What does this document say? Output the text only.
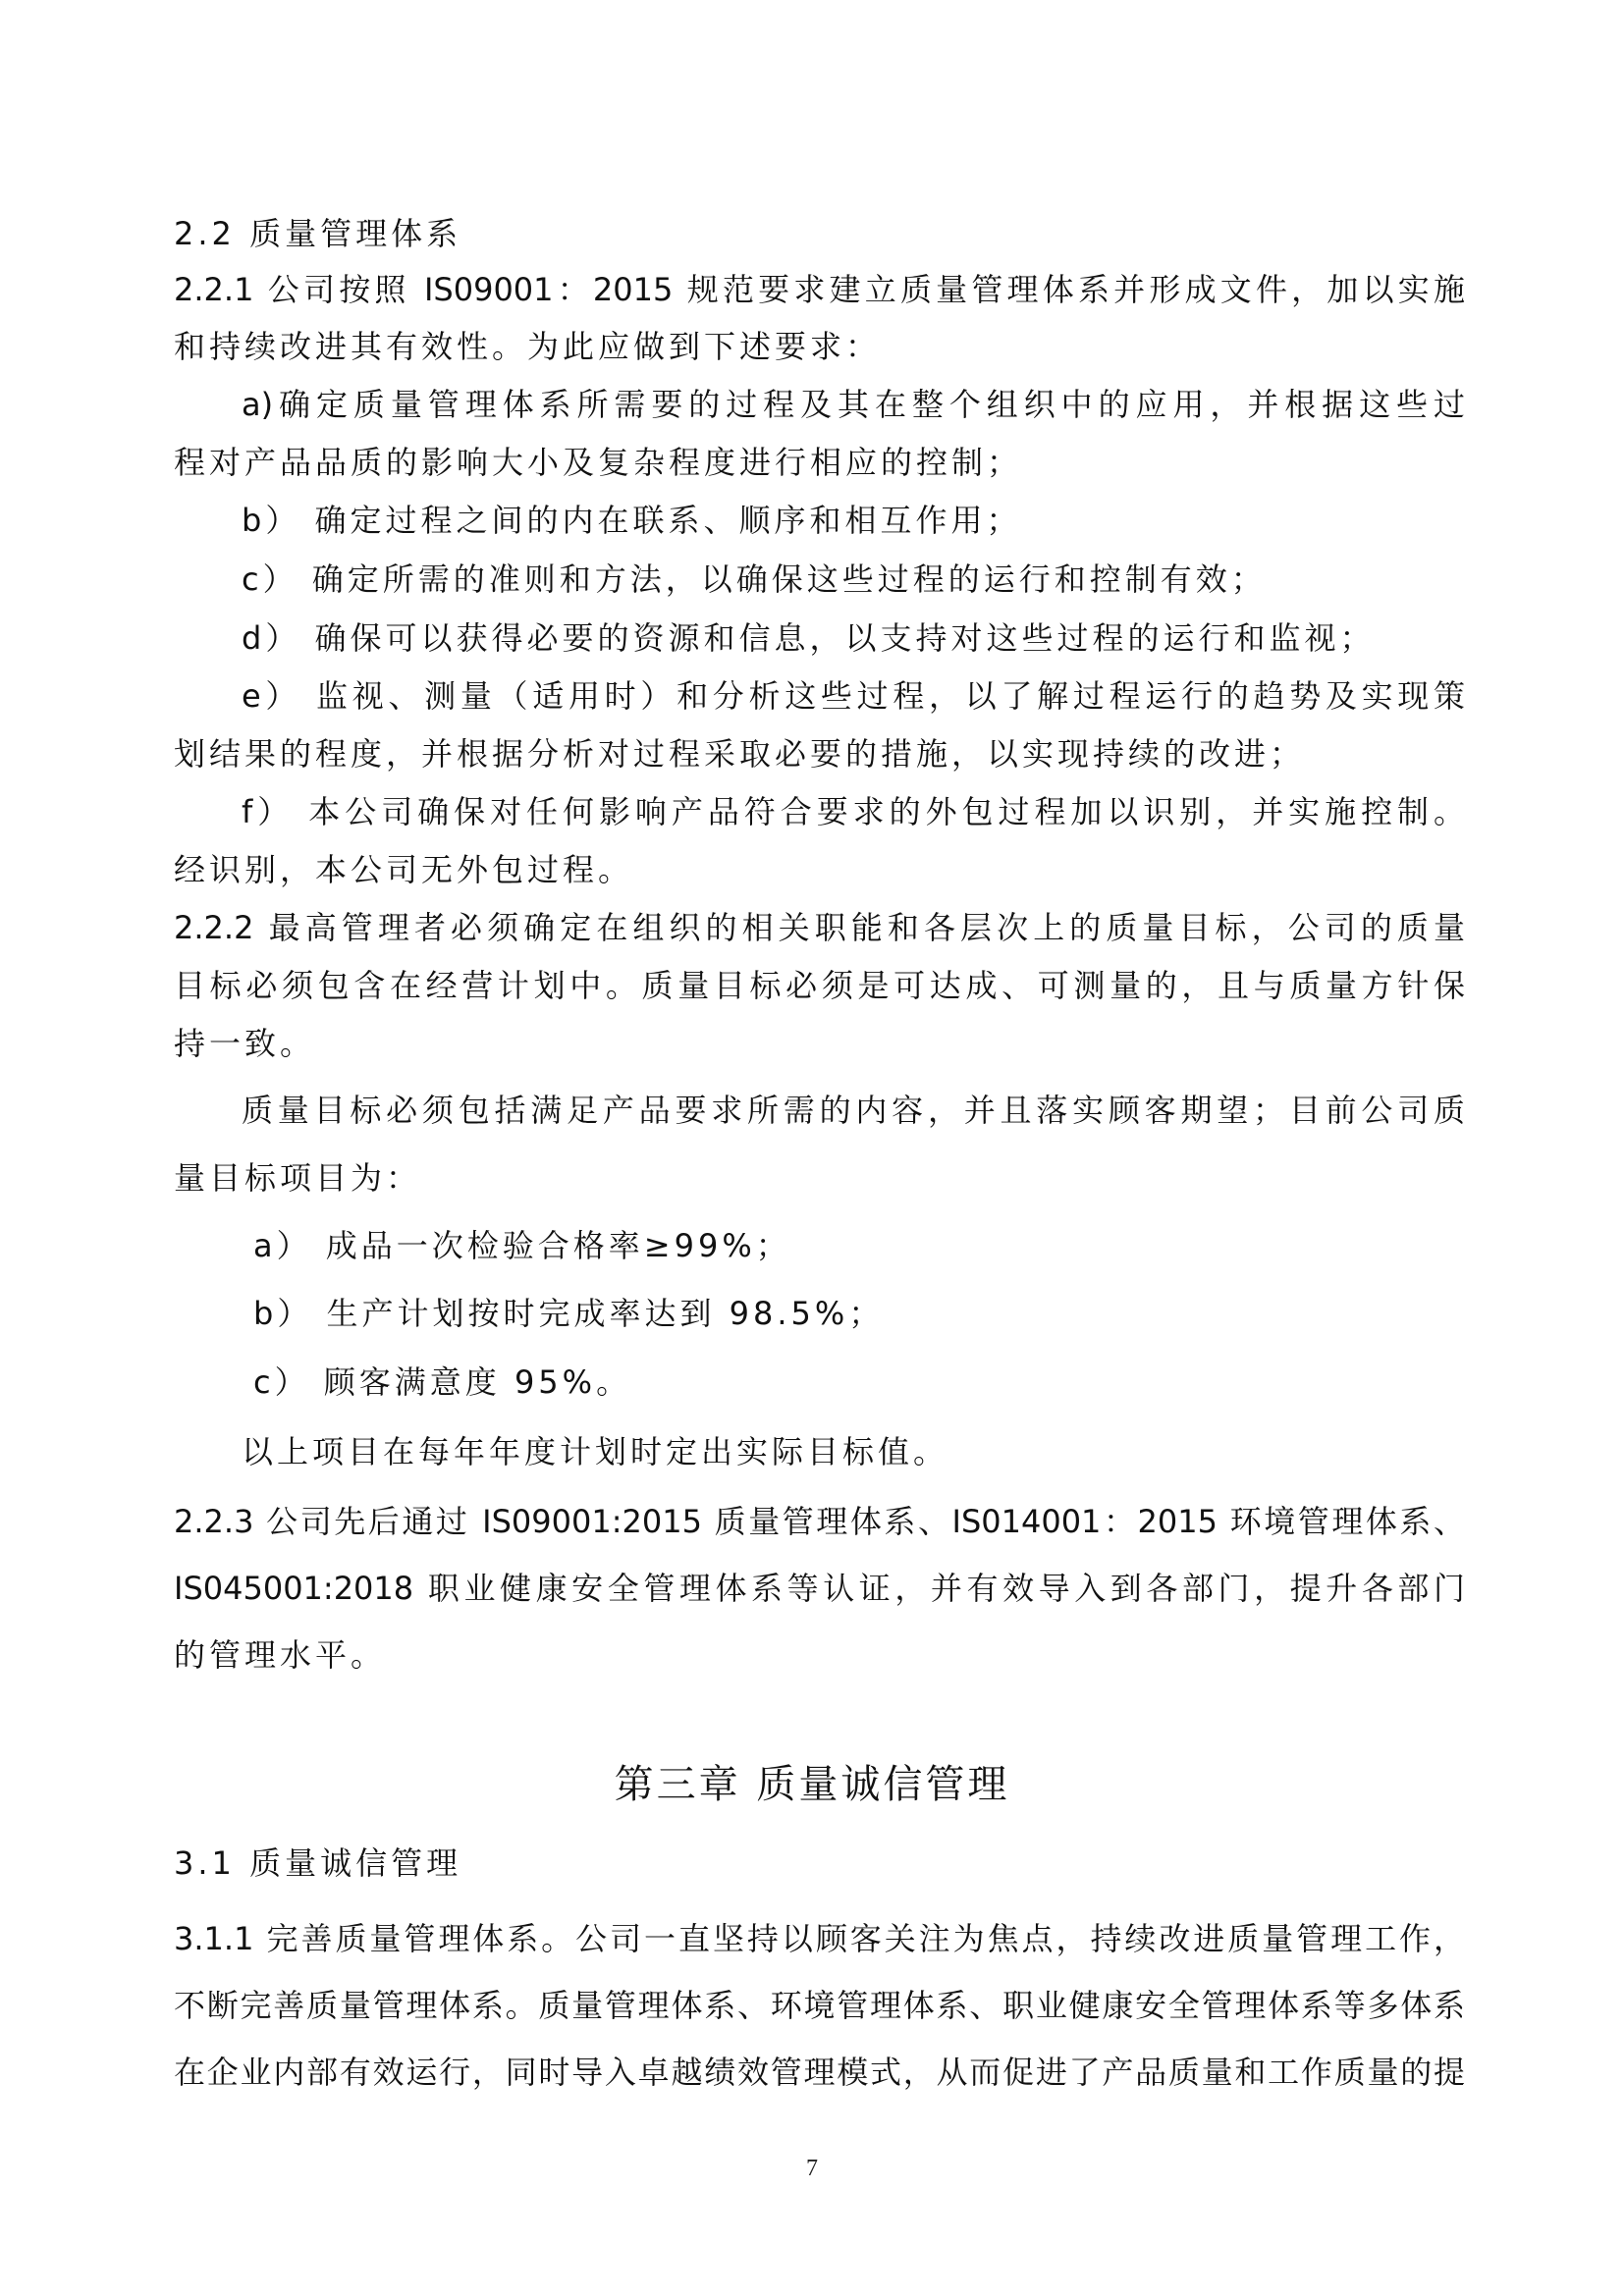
2.2 质量管理体系
2.2.1 公司按照 IS09001：2015 规范要求建立质量管理体系并形成文件，加以实施
和持续改进其有效性。为此应做到下述要求：
a)确定质量管理体系所需要的过程及其在整个组织中的应用，并根据这些过
程对产品品质的影响大小及复杂程度进行相应的控制；
b） 确定过程之间的内在联系、顺序和相互作用；
c） 确定所需的准则和方法，以确保这些过程的运行和控制有效；
d） 确保可以获得必要的资源和信息，以支持对这些过程的运行和监视；
e） 监视、测量（适用时）和分析这些过程，以了解过程运行的趋势及实现策
划结果的程度，并根据分析对过程采取必要的措施，以实现持续的改进；
f） 本公司确保对任何影响产品符合要求的外包过程加以识别，并实施控制。
经识别，本公司无外包过程。
2.2.2 最高管理者必须确定在组织的相关职能和各层次上的质量目标，公司的质量
目标必须包含在经营计划中。质量目标必须是可达成、可测量的，且与质量方针保
持一致。
质量目标必须包括满足产品要求所需的内容，并且落实顾客期望；目前公司质
量目标项目为：
a） 成品一次检验合格率≥99%；
b） 生产计划按时完成率达到 98.5%；
c） 顾客满意度 95%。
以上项目在每年年度计划时定出实际目标值。
2.2.3 公司先后通过 IS09001:2015 质量管理体系、IS014001：2015 环境管理体系、
IS045001:2018 职业健康安全管理体系等认证，并有效导入到各部门，提升各部门
的管理水平。
第三章 质量诚信管理
3.1 质量诚信管理
3.1.1 完善质量管理体系。公司一直坚持以顾客关注为焦点，持续改进质量管理工作，
不断完善质量管理体系。质量管理体系、环境管理体系、职业健康安全管理体系等多体系
在企业内部有效运行，同时导入卓越绩效管理模式，从而促进了产品质量和工作质量的提
7
